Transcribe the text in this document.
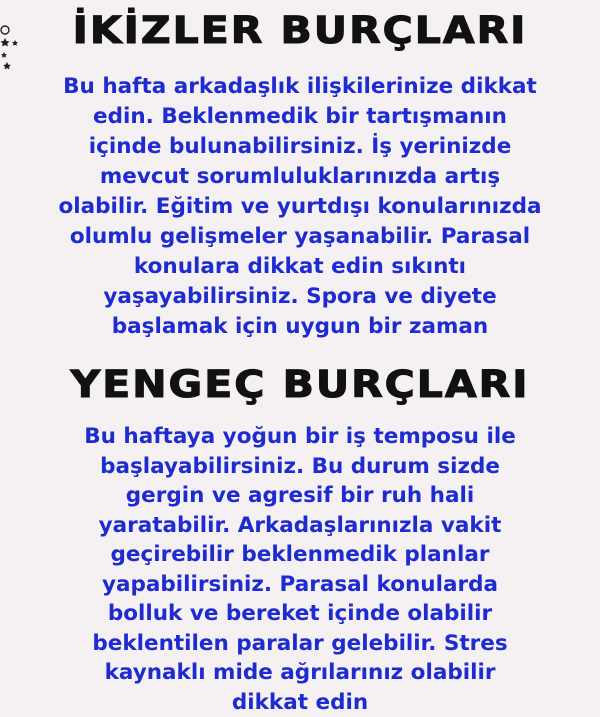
İKİZLER BURÇLARI
Bu hafta arkadaşlık ilişkilerinize dikkat
edin. Beklenmedik bir tartışmanın
içinde bulunabilirsiniz. İş yerinizde
mevcut sorumluluklarınızda artış
olabilir. Eğitim ve yurtdışı konularınızda
olumlu gelişmeler yaşanabilir. Parasal
konulara dikkat edin sıkıntı
yaşayabilirsiniz. Spora ve diyete
başlamak için uygun bir zaman
YENGEÇ BURÇLARI
Bu haftaya yoğun bir iş temposu ile
başlayabilirsiniz. Bu durum sizde
gergin ve agresif bir ruh hali
yaratabilir. Arkadaşlarınızla vakit
geçirebilir beklenmedik planlar
yapabilirsiniz. Parasal konularda
bolluk ve bereket içinde olabilir
beklentilen paralar gelebilir. Stres
kaynaklı mide ağrılarınız olabilir
dikkat edin
